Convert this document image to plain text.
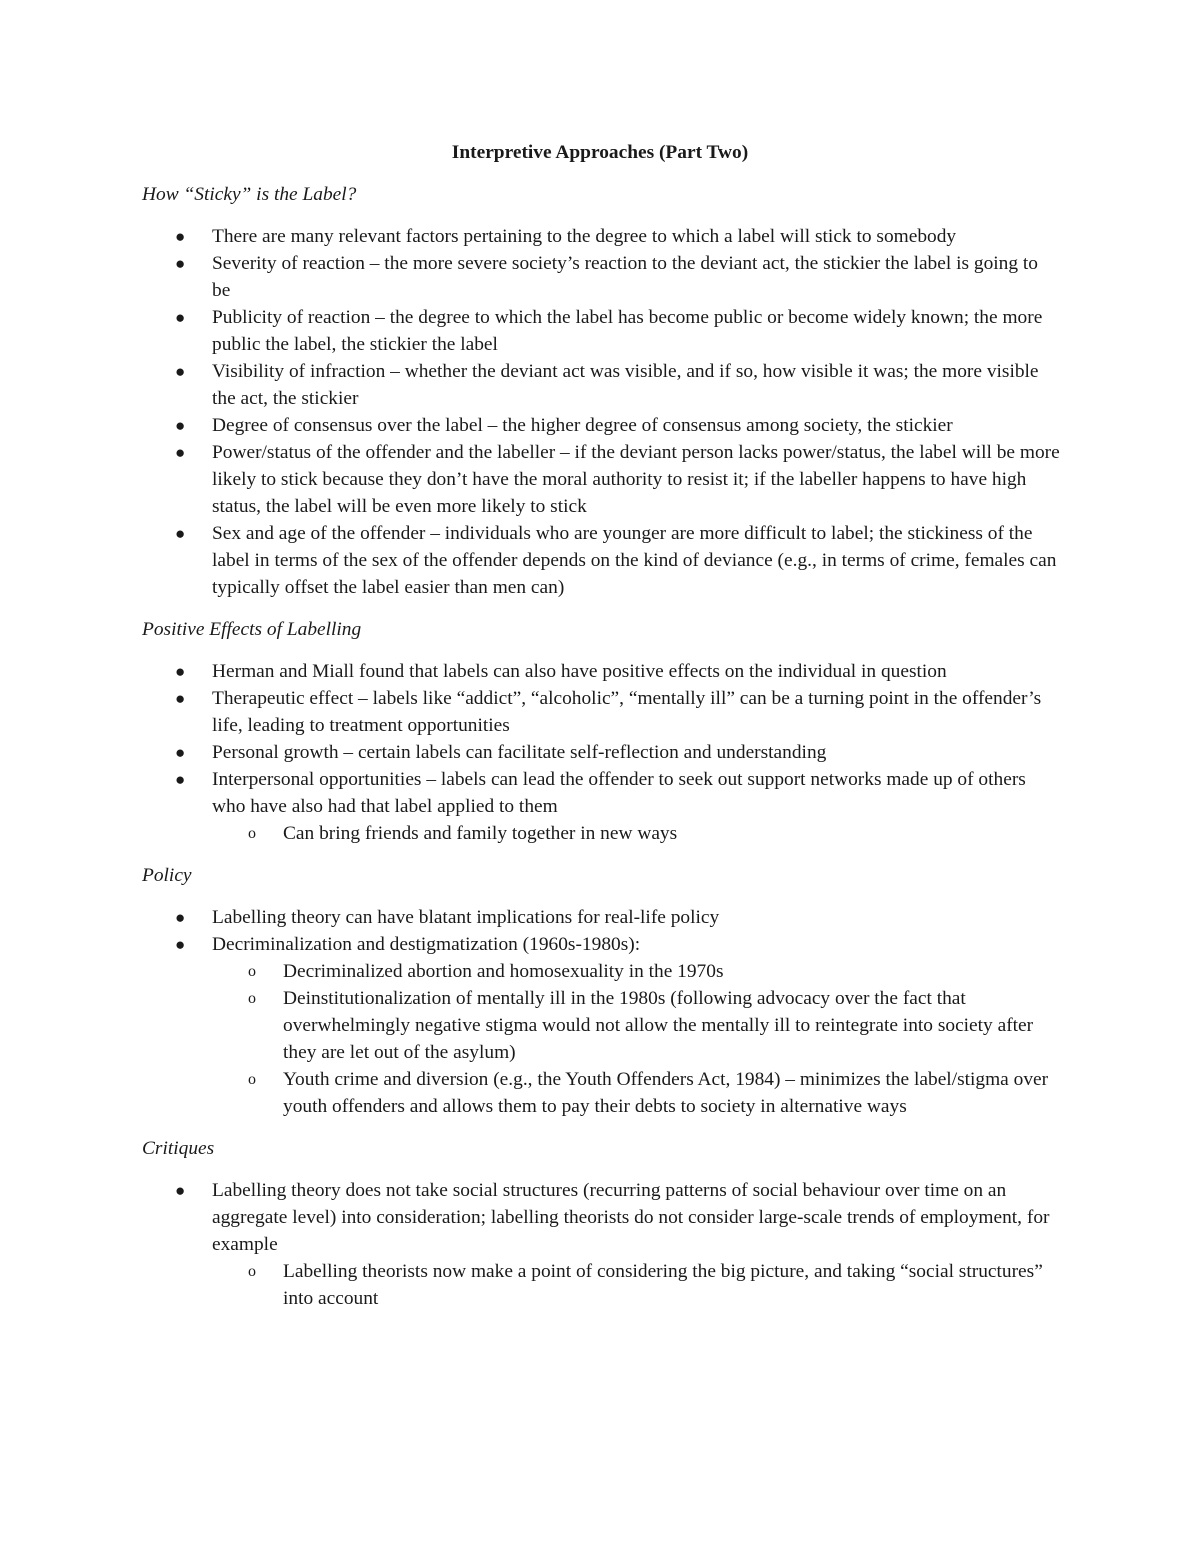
Interpretive Approaches (Part Two)
How “Sticky” is the Label?
● There are many relevant factors pertaining to the degree to which a label will stick to somebody
● Severity of reaction – the more severe society’s reaction to the deviant act, the stickier the label is going to be
● Publicity of reaction – the degree to which the label has become public or become widely known; the more public the label, the stickier the label
● Visibility of infraction – whether the deviant act was visible, and if so, how visible it was; the more visible the act, the stickier
● Degree of consensus over the label – the higher degree of consensus among society, the stickier
● Power/status of the offender and the labeller – if the deviant person lacks power/status, the label will be more likely to stick because they don’t have the moral authority to resist it; if the labeller happens to have high status, the label will be even more likely to stick
● Sex and age of the offender – individuals who are younger are more difficult to label; the stickiness of the label in terms of the sex of the offender depends on the kind of deviance (e.g., in terms of crime, females can typically offset the label easier than men can)
Positive Effects of Labelling
● Herman and Miall found that labels can also have positive effects on the individual in question
● Therapeutic effect – labels like “addict”, “alcoholic”, “mentally ill” can be a turning point in the offender’s life, leading to treatment opportunities
● Personal growth – certain labels can facilitate self-reflection and understanding
● Interpersonal opportunities – labels can lead the offender to seek out support networks made up of others who have also had that label applied to them
o Can bring friends and family together in new ways
Policy
● Labelling theory can have blatant implications for real-life policy
● Decriminalization and destigmatization (1960s-1980s):
o Decriminalized abortion and homosexuality in the 1970s
o Deinstitutionalization of mentally ill in the 1980s (following advocacy over the fact that overwhelmingly negative stigma would not allow the mentally ill to reintegrate into society after they are let out of the asylum)
o Youth crime and diversion (e.g., the Youth Offenders Act, 1984) – minimizes the label/stigma over youth offenders and allows them to pay their debts to society in alternative ways
Critiques
● Labelling theory does not take social structures (recurring patterns of social behaviour over time on an aggregate level) into consideration; labelling theorists do not consider large-scale trends of employment, for example
o Labelling theorists now make a point of considering the big picture, and taking “social structures” into account
